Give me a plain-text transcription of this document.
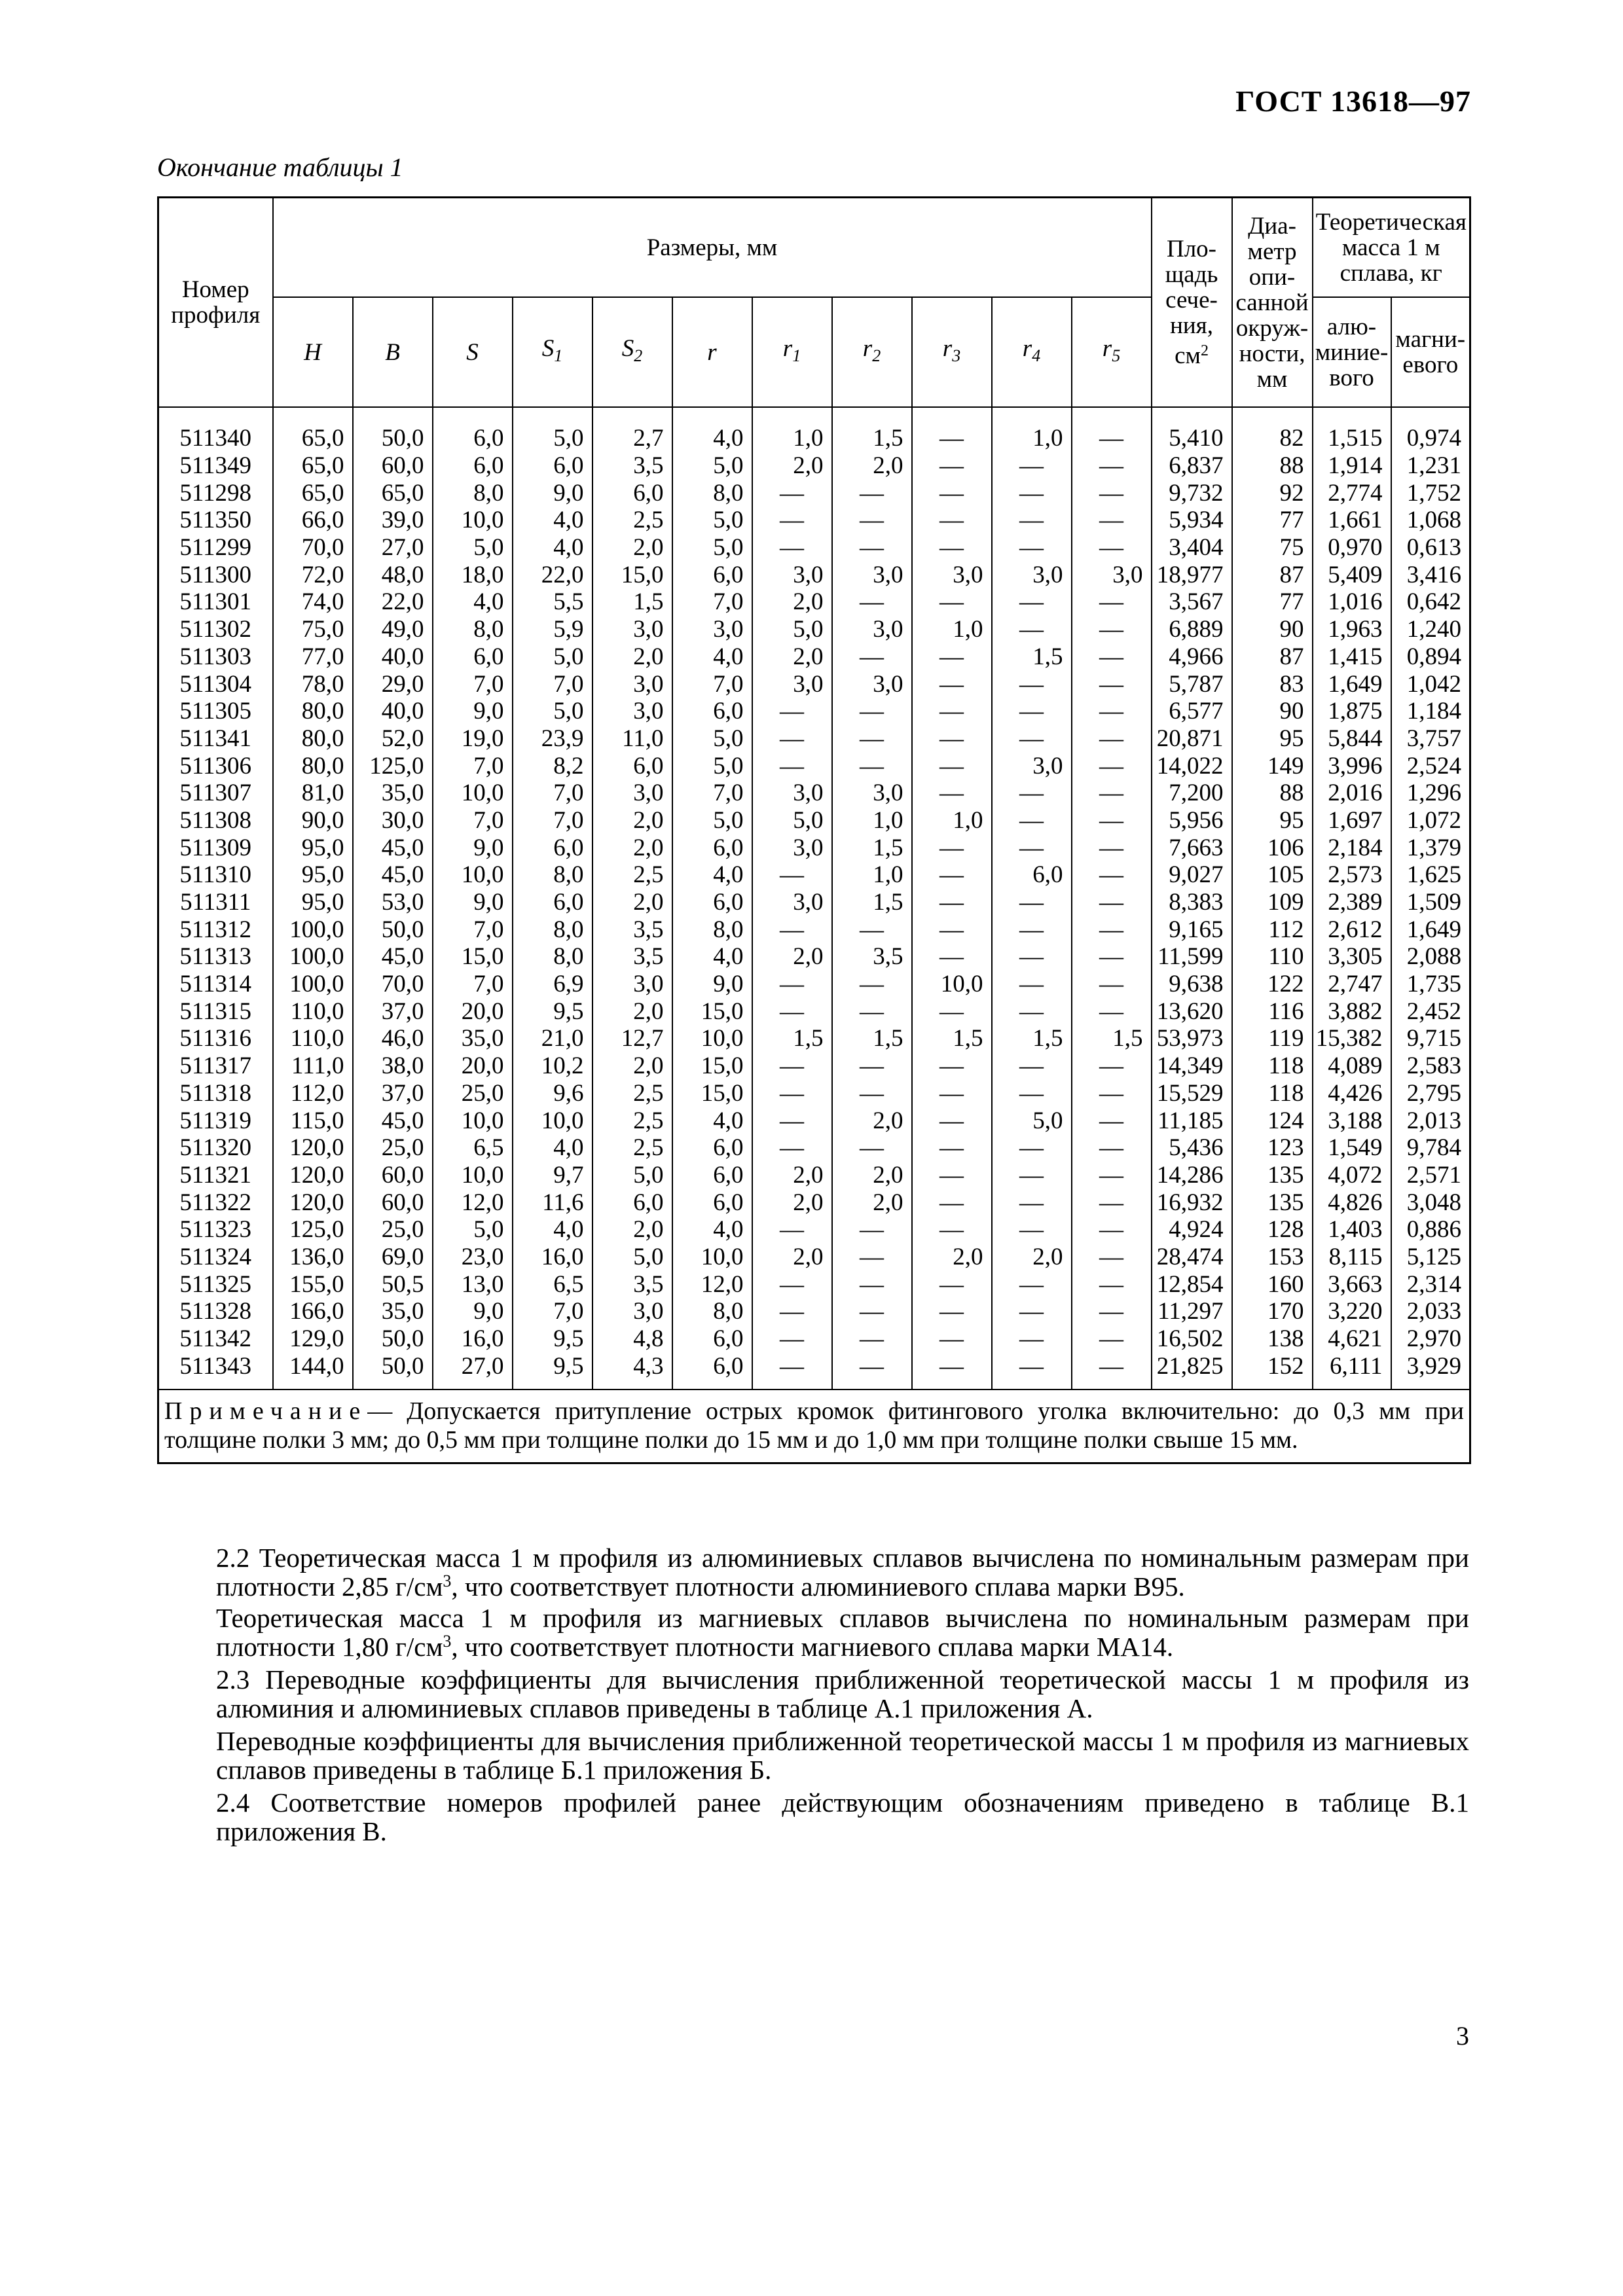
ГОСТ 13618—97
Окончание таблицы 1
Номер профиля	Размеры, мм											Пло- щадь сече- ния, $см^2$	Диа- метр опи- санной окруж- ности, мм	Теоретическая масса 1 м сплава, кг	
	H	B	S	$S_1$	$S_2$	r	$r_1$	$r_2$	$r_3$	$r_4$	$r_5$			алю- миние- вого	магни- евого
511340	65,0	50,0	6,0	5,0	2,7	4,0	1,0	1,5	—	1,0	—	5,410	82	1,515	0,974
511349	65,0	60,0	6,0	6,0	3,5	5,0	2,0	2,0	—	—	—	6,837	88	1,914	1,231
511298	65,0	65,0	8,0	9,0	6,0	8,0	—	—	—	—	—	9,732	92	2,774	1,752
511350	66,0	39,0	10,0	4,0	2,5	5,0	—	—	—	—	—	5,934	77	1,661	1,068
511299	70,0	27,0	5,0	4,0	2,0	5,0	—	—	—	—	—	3,404	75	0,970	0,613
511300	72,0	48,0	18,0	22,0	15,0	6,0	3,0	3,0	3,0	3,0	3,0	18,977	87	5,409	3,416
511301	74,0	22,0	4,0	5,5	1,5	7,0	2,0	—	—	—	—	3,567	77	1,016	0,642
511302	75,0	49,0	8,0	5,9	3,0	3,0	5,0	3,0	1,0	—	—	6,889	90	1,963	1,240
511303	77,0	40,0	6,0	5,0	2,0	4,0	2,0	—	—	1,5	—	4,966	87	1,415	0,894
511304	78,0	29,0	7,0	7,0	3,0	7,0	3,0	3,0	—	—	—	5,787	83	1,649	1,042
511305	80,0	40,0	9,0	5,0	3,0	6,0	—	—	—	—	—	6,577	90	1,875	1,184
511341	80,0	52,0	19,0	23,9	11,0	5,0	—	—	—	—	—	20,871	95	5,844	3,757
511306	80,0	125,0	7,0	8,2	6,0	5,0	—	—	—	3,0	—	14,022	149	3,996	2,524
511307	81,0	35,0	10,0	7,0	3,0	7,0	3,0	3,0	—	—	—	7,200	88	2,016	1,296
511308	90,0	30,0	7,0	7,0	2,0	5,0	5,0	1,0	1,0	—	—	5,956	95	1,697	1,072
511309	95,0	45,0	9,0	6,0	2,0	6,0	3,0	1,5	—	—	—	7,663	106	2,184	1,379
511310	95,0	45,0	10,0	8,0	2,5	4,0	—	1,0	—	6,0	—	9,027	105	2,573	1,625
511311	95,0	53,0	9,0	6,0	2,0	6,0	3,0	1,5	—	—	—	8,383	109	2,389	1,509
511312	100,0	50,0	7,0	8,0	3,5	8,0	—	—	—	—	—	9,165	112	2,612	1,649
511313	100,0	45,0	15,0	8,0	3,5	4,0	2,0	3,5	—	—	—	11,599	110	3,305	2,088
511314	100,0	70,0	7,0	6,9	3,0	9,0	—	—	10,0	—	—	9,638	122	2,747	1,735
511315	110,0	37,0	20,0	9,5	2,0	15,0	—	—	—	—	—	13,620	116	3,882	2,452
511316	110,0	46,0	35,0	21,0	12,7	10,0	1,5	1,5	1,5	1,5	1,5	53,973	119	15,382	9,715
511317	111,0	38,0	20,0	10,2	2,0	15,0	—	—	—	—	—	14,349	118	4,089	2,583
511318	112,0	37,0	25,0	9,6	2,5	15,0	—	—	—	—	—	15,529	118	4,426	2,795
511319	115,0	45,0	10,0	10,0	2,5	4,0	—	2,0	—	5,0	—	11,185	124	3,188	2,013
511320	120,0	25,0	6,5	4,0	2,5	6,0	—	—	—	—	—	5,436	123	1,549	9,784
511321	120,0	60,0	10,0	9,7	5,0	6,0	2,0	2,0	—	—	—	14,286	135	4,072	2,571
511322	120,0	60,0	12,0	11,6	6,0	6,0	2,0	2,0	—	—	—	16,932	135	4,826	3,048
511323	125,0	25,0	5,0	4,0	2,0	4,0	—	—	—	—	—	4,924	128	1,403	0,886
511324	136,0	69,0	23,0	16,0	5,0	10,0	2,0	—	2,0	2,0	—	28,474	153	8,115	5,125
511325	155,0	50,5	13,0	6,5	3,5	12,0	—	—	—	—	—	12,854	160	3,663	2,314
511328	166,0	35,0	9,0	7,0	3,0	8,0	—	—	—	—	—	11,297	170	3,220	2,033
511342	129,0	50,0	16,0	9,5	4,8	6,0	—	—	—	—	—	16,502	138	4,621	2,970
511343	144,0	50,0	27,0	9,5	4,3	6,0	—	—	—	—	—	21,825	152	6,111	3,929
Примечание— Допускается притупление острых кромок фитингового уголка включительно: до 0,3 мм при толщине полки 3 мм; до 0,5 мм при толщине полки до 15 мм и до 1,0 мм при толщине полки свыше 15 мм.															
2.2 Теоретическая масса 1 м профиля из алюминиевых сплавов вычислена по номинальным размерам при плотности 2,85 $г/см^3$, что соответствует плотности алюминиевого сплава марки В95.
Теоретическая масса 1 м профиля из магниевых сплавов вычислена по номинальным размерам при плотности 1,80 $г/см^3$, что соответствует плотности магниевого сплава марки МА14.
2.3 Переводные коэффициенты для вычисления приближенной теоретической массы 1 м профиля из алюминия и алюминиевых сплавов приведены в таблице А.1 приложения А.
Переводные коэффициенты для вычисления приближенной теоретической массы 1 м профиля из магниевых сплавов приведены в таблице Б.1 приложения Б.
2.4 Соответствие номеров профилей ранее действующим обозначениям приведено в таблице В.1 приложения В.
3
